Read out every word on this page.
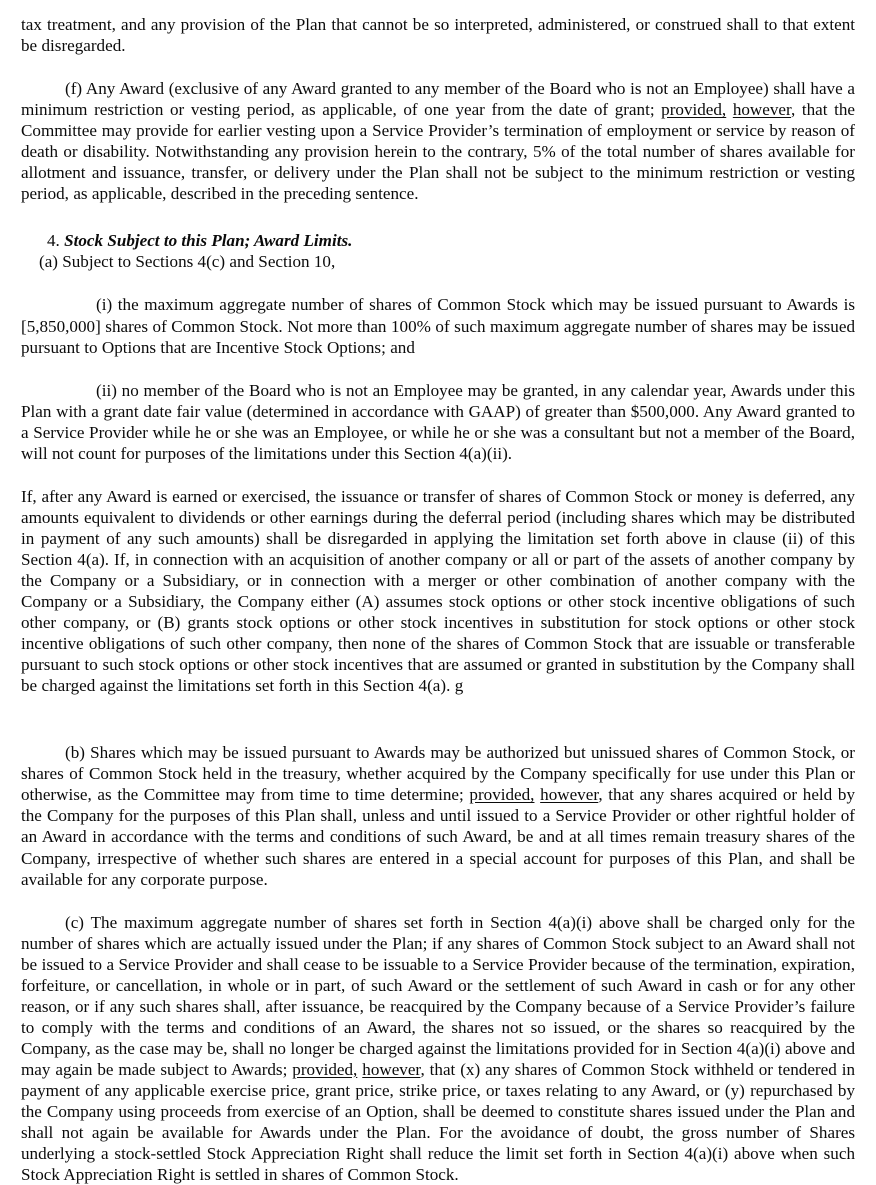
tax treatment, and any provision of the Plan that cannot be so interpreted, administered, or construed shall to that extent be disregarded.

(f) Any Award (exclusive of any Award granted to any member of the Board who is not an Employee) shall have a minimum restriction or vesting period, as applicable, of one year from the date of grant; provided, however, that the Committee may provide for earlier vesting upon a Service Provider’s termination of employment or service by reason of death or disability. Notwithstanding any provision herein to the contrary, 5% of the total number of shares available for allotment and issuance, transfer, or delivery under the Plan shall not be subject to the minimum restriction or vesting period, as applicable, described in the preceding sentence.

4. Stock Subject to this Plan; Award Limits.

(a) Subject to Sections 4(c) and Section 10,

(i) the maximum aggregate number of shares of Common Stock which may be issued pursuant to Awards is [5,850,000] shares of Common Stock. Not more than 100% of such maximum aggregate number of shares may be issued pursuant to Options that are Incentive Stock Options; and

(ii) no member of the Board who is not an Employee may be granted, in any calendar year, Awards under this Plan with a grant date fair value (determined in accordance with GAAP) of greater than $500,000. Any Award granted to a Service Provider while he or she was an Employee, or while he or she was a consultant but not a member of the Board, will not count for purposes of the limitations under this Section 4(a)(ii).

If, after any Award is earned or exercised, the issuance or transfer of shares of Common Stock or money is deferred, any amounts equivalent to dividends or other earnings during the deferral period (including shares which may be distributed in payment of any such amounts) shall be disregarded in applying the limitation set forth above in clause (ii) of this Section 4(a). If, in connection with an acquisition of another company or all or part of the assets of another company by the Company or a Subsidiary, or in connection with a merger or other combination of another company with the Company or a Subsidiary, the Company either (A) assumes stock options or other stock incentive obligations of such other company, or (B) grants stock options or other stock incentives in substitution for stock options or other stock incentive obligations of such other company, then none of the shares of Common Stock that are issuable or transferable pursuant to such stock options or other stock incentives that are assumed or granted in substitution by the Company shall be charged against the limitations set forth in this Section 4(a). g

(b) Shares which may be issued pursuant to Awards may be authorized but unissued shares of Common Stock, or shares of Common Stock held in the treasury, whether acquired by the Company specifically for use under this Plan or otherwise, as the Committee may from time to time determine; provided, however, that any shares acquired or held by the Company for the purposes of this Plan shall, unless and until issued to a Service Provider or other rightful holder of an Award in accordance with the terms and conditions of such Award, be and at all times remain treasury shares of the Company, irrespective of whether such shares are entered in a special account for purposes of this Plan, and shall be available for any corporate purpose.

(c) The maximum aggregate number of shares set forth in Section 4(a)(i) above shall be charged only for the number of shares which are actually issued under the Plan; if any shares of Common Stock subject to an Award shall not be issued to a Service Provider and shall cease to be issuable to a Service Provider because of the termination, expiration, forfeiture, or cancellation, in whole or in part, of such Award or the settlement of such Award in cash or for any other reason, or if any such shares shall, after issuance, be reacquired by the Company because of a Service Provider’s failure to comply with the terms and conditions of an Award, the shares not so issued, or the shares so reacquired by the Company, as the case may be, shall no longer be charged against the limitations provided for in Section 4(a)(i) above and may again be made subject to Awards; provided, however, that (x) any shares of Common Stock withheld or tendered in payment of any applicable exercise price, grant price, strike price, or taxes relating to any Award, or (y) repurchased by the Company using proceeds from exercise of an Option, shall be deemed to constitute shares issued under the Plan and shall not again be available for Awards under the Plan. For the avoidance of doubt, the gross number of Shares underlying a stock-settled Stock Appreciation Right shall reduce the limit set forth in Section 4(a)(i) above when such Stock Appreciation Right is settled in shares of Common Stock.
